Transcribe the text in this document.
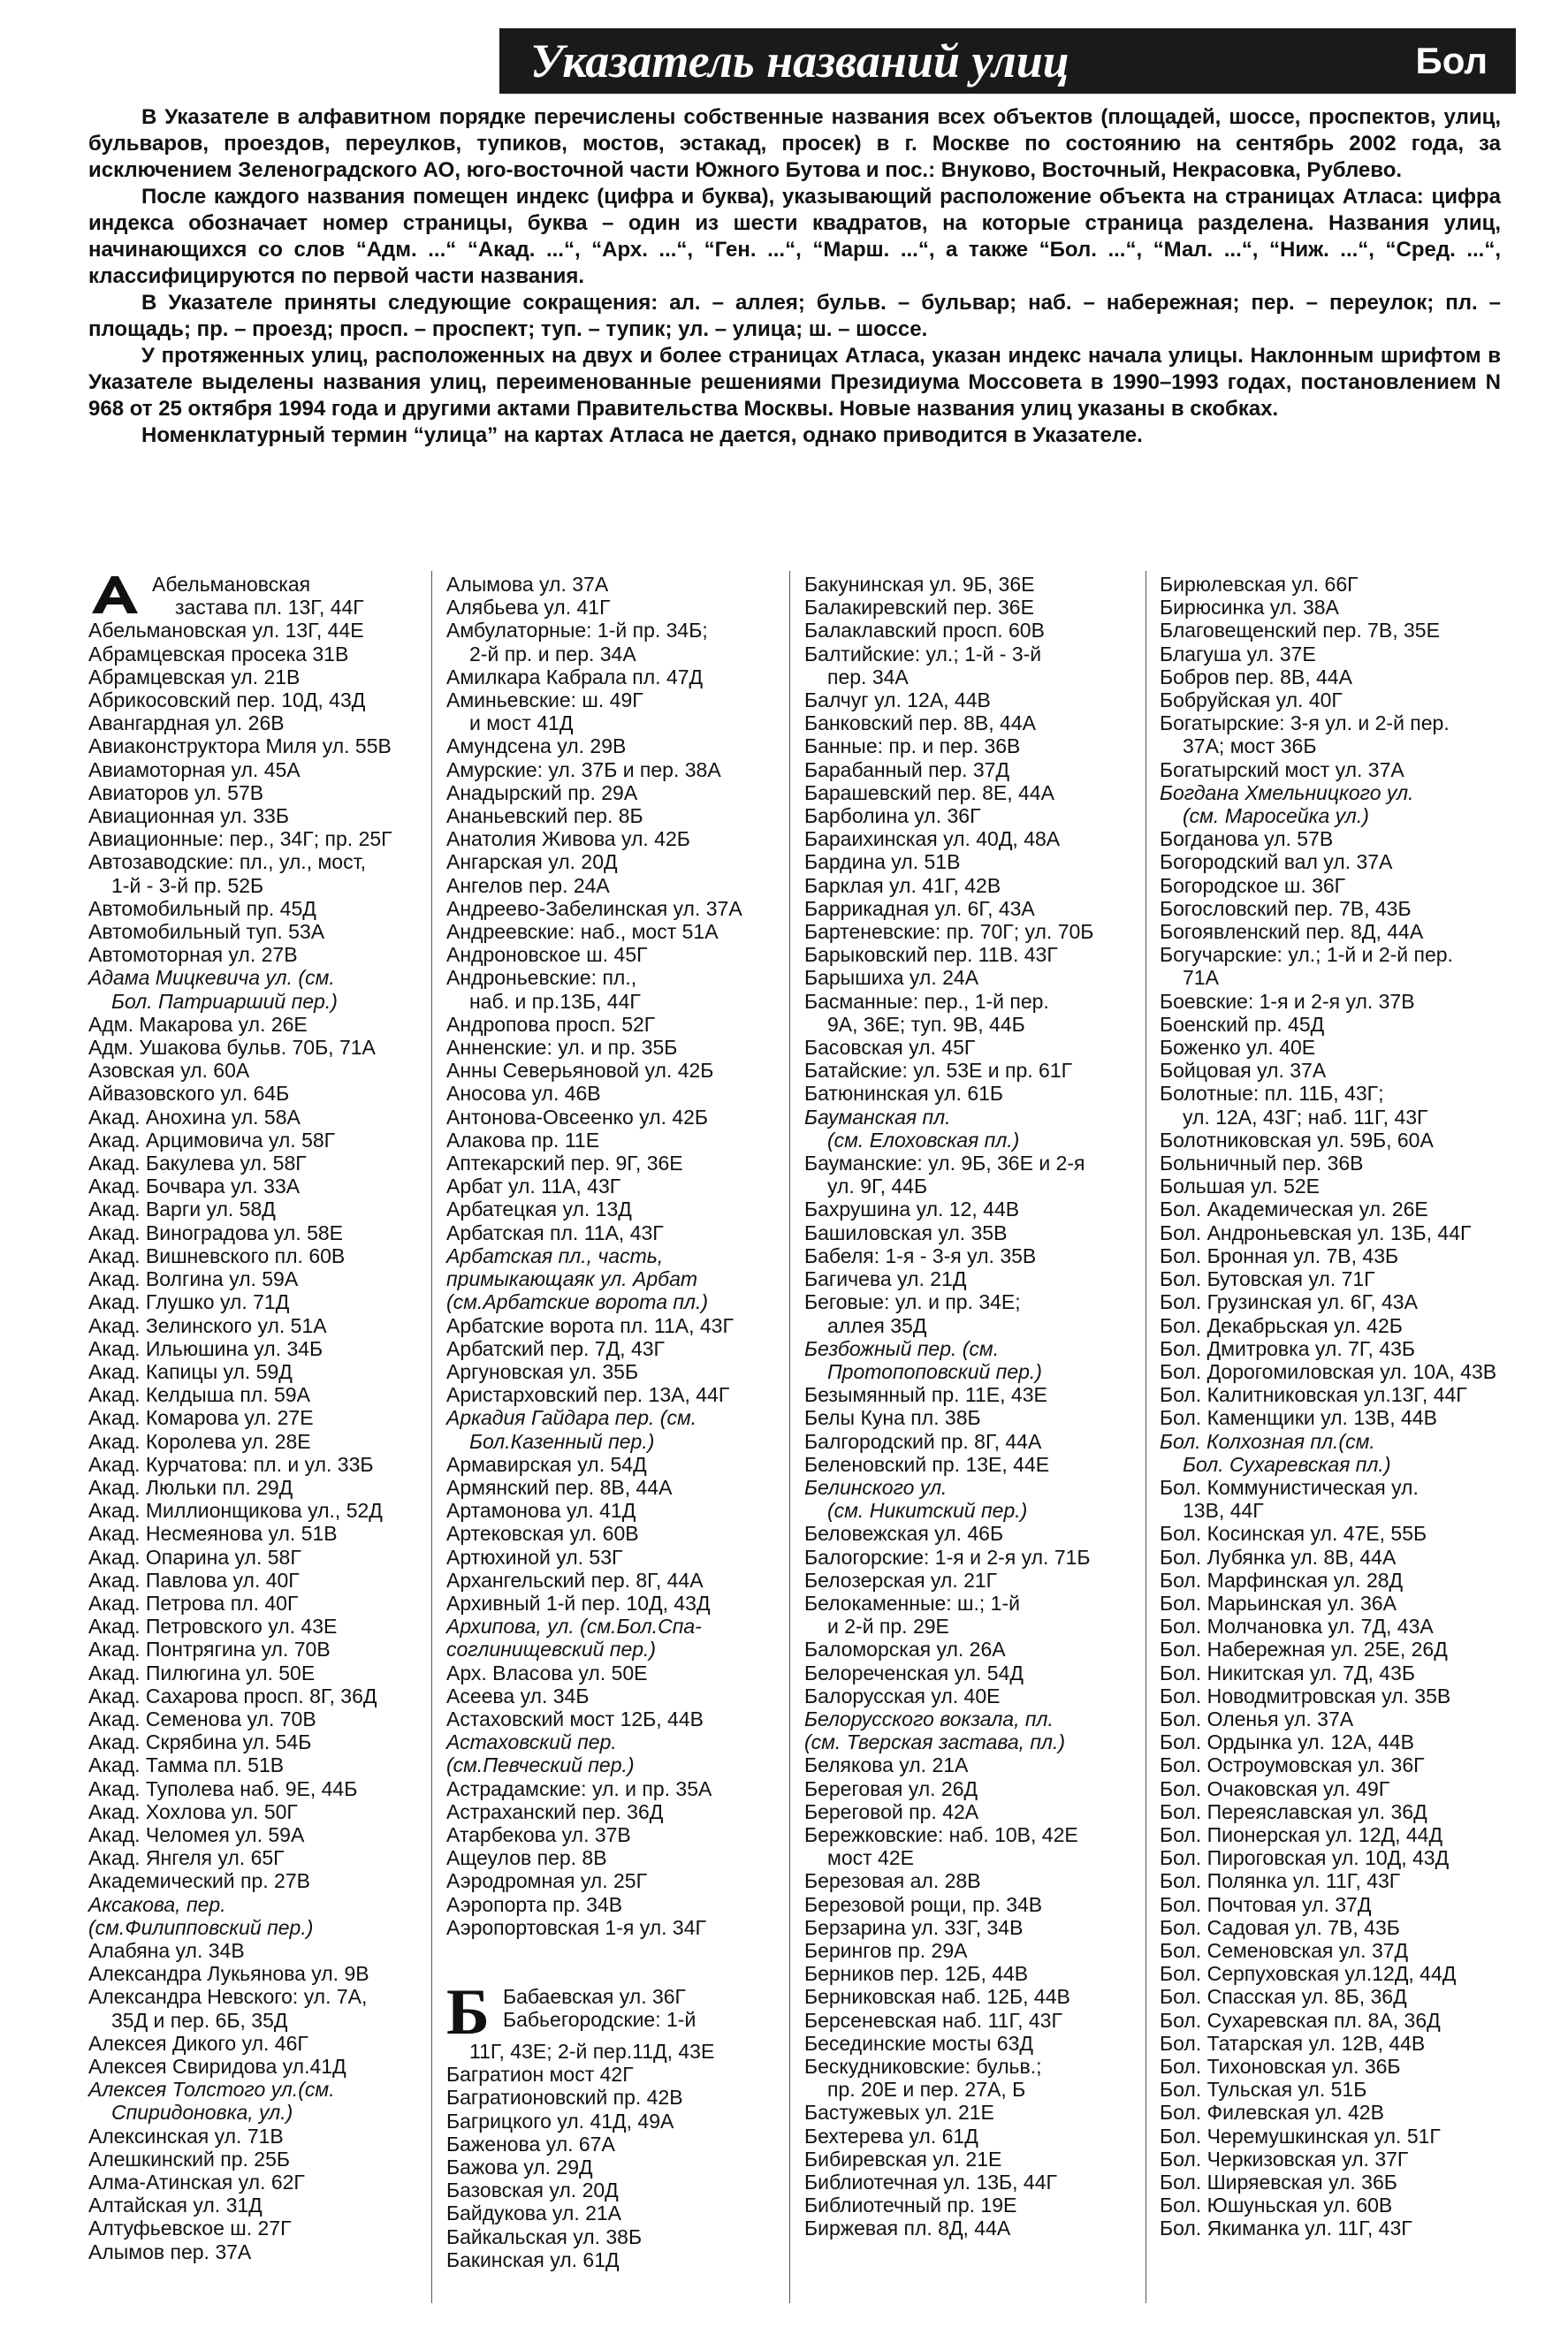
Указатель названий улиц	Бол

В Указателе в алфавитном порядке перечислены собственные названия всех объектов (площадей, шоссе, проспектов, улиц, бульваров, проездов, переулков, тупиков, мостов, эстакад, просек) в г. Москве по состоянию на сентябрь 2002 года, за исключением Зеленоградского АО, юго-восточной части Южного Бутова и пос.: Внуково, Восточный, Некрасовка, Рублево.

После каждого названия помещен индекс (цифра и буква), указывающий расположение объекта на страницах Атласа: цифра индекса обозначает номер страницы, буква – один из шести квадратов, на которые страница разделена. Названия улиц, начинающихся со слов “Адм. ...“ “Акад. ...“, “Арх. ...“, “Ген. ...“, “Марш. ...“, а также “Бол. ...“, “Мал. ...“, “Ниж. ...“, “Сред. ...“, классифицируются по первой части названия.

В Указателе приняты следующие сокращения: ал. – аллея; бульв. – бульвар; наб. – набережная; пер. – переулок; пл. – площадь; пр. – проезд; просп. – проспект; туп. – тупик; ул. – улица; ш. – шоссе.

У протяженных улиц, расположенных на двух и более страницах Атласа, указан индекс начала улицы. Наклонным шрифтом в Указателе выделены названия улиц, переименованные решениями Президиума Моссовета в 1990–1993 годах, постановлением N 968 от 25 октября 1994 года и другими актами Правительства Москвы. Новые названия улиц указаны в скобках.

Номенклатурный термин “улица” на картах Атласа не дается, однако приводится в Указателе.

Абельмановская
застава пл. 13Г, 44Г
Абельмановская ул. 13Г, 44Е
Абрамцевская просека 31В
Абрамцевская ул. 21В
Абрикосовский пер. 10Д, 43Д
Авангардная ул. 26В
Авиаконструктора Миля ул. 55В
Авиамоторная ул. 45А
Авиаторов ул. 57В
Авиационная ул. 33Б
Авиационные: пер., 34Г; пр. 25Г
Автозаводские: пл., ул., мост,
1-й - 3-й пр. 52Б
Автомобильный пр. 45Д
Автомобильный туп. 53А
Автомоторная ул. 27В
Адама Мицкевича ул. (см.
Бол. Патриарший пер.)
Адм. Макарова ул. 26Е
Адм. Ушакова бульв. 70Б, 71А
Азовская ул. 60А
Айвазовского ул. 64Б
Акад. Анохина ул. 58А
Акад. Арцимовича ул. 58Г
Акад. Бакулева ул. 58Г
Акад. Бочвара ул. 33А
Акад. Варги ул. 58Д
Акад. Виноградова ул. 58Е
Акад. Вишневского пл. 60В
Акад. Волгина ул. 59А
Акад. Глушко ул. 71Д
Акад. Зелинского ул. 51А
Акад. Ильюшина ул. 34Б
Акад. Капицы ул. 59Д
Акад. Келдыша пл. 59А
Акад. Комарова ул. 27Е
Акад. Королева ул. 28Е
Акад. Курчатова: пл. и ул. 33Б
Акад. Люльки пл. 29Д
Акад. Миллионщикова ул., 52Д
Акад. Несмеянова ул. 51В
Акад. Опарина ул. 58Г
Акад. Павлова ул. 40Г
Акад. Петрова пл. 40Г
Акад. Петровского ул. 43Е
Акад. Понтрягина ул. 70В
Акад. Пилюгина ул. 50Е
Акад. Сахарова просп. 8Г, 36Д
Акад. Семенова ул. 70В
Акад. Скрябина ул. 54Б
Акад. Тамма пл. 51В
Акад. Туполева наб. 9Е, 44Б
Акад. Хохлова ул. 50Г
Акад. Челомея ул. 59А
Акад. Янгеля ул. 65Г
Академический пр. 27В
Аксакова, пер.
(см.Филипповский пер.)
Алабяна ул. 34В
Александра Лукьянова ул. 9В
Александра Невского: ул. 7А,
35Д и пер. 6Б, 35Д
Алексея Дикого ул. 46Г
Алексея Свиридова ул.41Д
Алексея Толстого ул.(см.
Спиридоновка, ул.)
Алексинская ул. 71В
Алешкинский пр. 25Б
Алма-Атинская ул. 62Г
Алтайская ул. 31Д
Алтуфьевское ш. 27Г
Алымов пер. 37А
Алымова ул. 37А
Алябьева ул. 41Г
Амбулаторные: 1-й пр. 34Б;
2-й пр. и пер. 34А
Амилкара Кабрала пл. 47Д
Аминьевские: ш. 49Г
и мост 41Д
Амундсена ул. 29В
Амурские: ул. 37Б и пер. 38А
Анадырский пр. 29А
Ананьевский пер. 8Б
Анатолия Живова ул. 42Б
Ангарская ул. 20Д
Ангелов пер. 24А
Андреево-Забелинская ул. 37А
Андреевские: наб., мост 51А
Андроновское ш. 45Г
Андроньевские: пл.,
наб. и пр.13Б, 44Г
Андропова просп. 52Г
Анненские: ул. и пр. 35Б
Анны Северьяновой ул. 42Б
Аносова ул. 46В
Антонова-Овсеенко ул. 42Б
Алакова пр. 11Е
Аптекарский пер. 9Г, 36Е
Арбат ул. 11А, 43Г
Арбатецкая ул. 13Д
Арбатская пл. 11А, 43Г
Арбатская пл., часть,
примыкающаяк ул. Арбат
(см.Арбатские ворота пл.)
Арбатские ворота пл. 11А, 43Г
Арбатский пер. 7Д, 43Г
Аргуновская ул. 35Б
Аристарховский пер. 13А, 44Г
Аркадия Гайдара пер. (см.
Бол.Казенный пер.)
Армавирская ул. 54Д
Армянский пер. 8В, 44А
Артамонова ул. 41Д
Артековская ул. 60В
Артюхиной ул. 53Г
Архангельский пер. 8Г, 44А
Архивный 1-й пер. 10Д, 43Д
Архипова, ул. (см.Бол.Спа-
соглинищевский пер.)
Арх. Власова ул. 50Е
Асеева ул. 34Б
Астаховский мост 12Б, 44В
Астаховский пер.
(см.Певческий пер.)
Астрадамские: ул. и пр. 35А
Астраханский пер. 36Д
Атарбекова ул. 37В
Ащеулов пер. 8В
Аэродромная ул. 25Г
Аэропорта пр. 34В
Аэропортовская 1-я ул. 34Г
Б Бабаевская ул. 36Г
Бабьегородские: 1-й
11Г, 43Е; 2-й пер.11Д, 43Е
Багратион мост 42Г
Багратионовский пр. 42В
Багрицкого ул. 41Д, 49А
Баженова ул. 67А
Бажова ул. 29Д
Базовская ул. 20Д
Байдукова ул. 21А
Байкальская ул. 38Б
Бакинская ул. 61Д
Бакунинская ул. 9Б, 36Е
Балакиревский пер. 36Е
Балаклавский просп. 60В
Балтийские: ул.; 1-й - 3-й
пер. 34А
Балчуг ул. 12А, 44В
Банковский пер. 8В, 44А
Банные: пр. и пер. 36В
Барабанный пер. 37Д
Барашевский пер. 8Е, 44А
Барболина ул. 36Г
Бараихинская ул. 40Д, 48А
Бардина ул. 51В
Барклая ул. 41Г, 42В
Баррикадная ул. 6Г, 43А
Бартеневские: пр. 70Г; ул. 70Б
Барыковский пер. 11В. 43Г
Барышиха ул. 24А
Басманные: пер., 1-й пер.
9А, 36Е; туп. 9В, 44Б
Басовская ул. 45Г
Батайские: ул. 53Е и пр. 61Г
Батюнинская ул. 61Б
Бауманская пл.
(см. Елоховская пл.)
Бауманские: ул. 9Б, 36Е и 2-я
ул. 9Г, 44Б
Бахрушина ул. 12, 44В
Башиловская ул. 35В
Бабеля: 1-я - 3-я ул. 35В
Багичева ул. 21Д
Беговые: ул. и пр. 34Е;
аллея 35Д
Безбожный пер. (см.
Протопоповский пер.)
Безымянный пр. 11Е, 43Е
Белы Куна пл. 38Б
Балгородский пр. 8Г, 44А
Беленовский пр. 13Е, 44Е
Белинского ул.
(см. Никитский пер.)
Беловежская ул. 46Б
Балогорские: 1-я и 2-я ул. 71Б
Белозерская ул. 21Г
Белокаменные: ш.; 1-й
и 2-й пр. 29Е
Баломорская ул. 26А
Белореченская ул. 54Д
Балорусская ул. 40Е
Белорусского вокзала, пл.
(см. Тверская застава, пл.)
Белякова ул. 21А
Береговая ул. 26Д
Береговой пр. 42А
Бережковские: наб. 10В, 42Е
мост 42Е
Березовая ал. 28В
Березовой рощи, пр. 34В
Берзарина ул. 33Г, 34В
Берингов пр. 29А
Берников пер. 12Б, 44В
Берниковская наб. 12Б, 44В
Берсеневская наб. 11Г, 43Г
Бесединские мосты 63Д
Бескудниковские: бульв.;
пр. 20Е и пер. 27А, Б
Бастужевых ул. 21Е
Бехтерева ул. 61Д
Бибиревская ул. 21Е
Библиотечная ул. 13Б, 44Г
Библиотечный пр. 19Е
Биржевая пл. 8Д, 44А
Бирюлевская ул. 66Г
Бирюсинка ул. 38А
Благовещенский пер. 7В, 35Е
Благуша ул. 37Е
Бобров пер. 8В, 44А
Бобруйская ул. 40Г
Богатырские: 3-я ул. и 2-й пер.
37А; мост 36Б
Богатырский мост ул. 37А
Богдана Хмельницкого ул.
(см. Маросейка ул.)
Богданова ул. 57В
Богородский вал ул. 37А
Богородское ш. 36Г
Богословский пер. 7В, 43Б
Богоявленский пер. 8Д, 44А
Богучарские: ул.; 1-й и 2-й пер.
71А
Боевские: 1-я и 2-я ул. 37В
Боенский пр. 45Д
Боженко ул. 40Е
Бойцовая ул. 37А
Болотные: пл. 11Б, 43Г;
ул. 12А, 43Г; наб. 11Г, 43Г
Болотниковская ул. 59Б, 60А
Больничный пер. 36В
Большая ул. 52Е
Бол. Академическая ул. 26Е
Бол. Андроньевская ул. 13Б, 44Г
Бол. Бронная ул. 7В, 43Б
Бол. Бутовская ул. 71Г
Бол. Грузинская ул. 6Г, 43А
Бол. Декабрьская ул. 42Б
Бол. Дмитровка ул. 7Г, 43Б
Бол. Дорогомиловская ул. 10А, 43В
Бол. Калитниковская ул.13Г, 44Г
Бол. Каменщики ул. 13В, 44В
Бол. Колхозная пл.(см.
Бол. Сухаревская пл.)
Бол. Коммунистическая ул.
13В, 44Г
Бол. Косинская ул. 47Е, 55Б
Бол. Лубянка ул. 8В, 44А
Бол. Марфинская ул. 28Д
Бол. Марьинская ул. 36А
Бол. Молчановка ул. 7Д, 43А
Бол. Набережная ул. 25Е, 26Д
Бол. Никитская ул. 7Д, 43Б
Бол. Новодмитровская ул. 35В
Бол. Оленья ул. 37А
Бол. Ордынка ул. 12А, 44В
Бол. Остроумовская ул. 36Г
Бол. Очаковская ул. 49Г
Бол. Переяславская ул. 36Д
Бол. Пионерская ул. 12Д, 44Д
Бол. Пироговская ул. 10Д, 43Д
Бол. Полянка ул. 11Г, 43Г
Бол. Почтовая ул. 37Д
Бол. Садовая ул. 7В, 43Б
Бол. Семеновская ул. 37Д
Бол. Серпуховская ул.12Д, 44Д
Бол. Спасская ул. 8Б, 36Д
Бол. Сухаревская пл. 8А, 36Д
Бол. Татарская ул. 12В, 44В
Бол. Тихоновская ул. 36Б
Бол. Тульская ул. 51Б
Бол. Филевская ул. 42В
Бол. Черемушкинская ул. 51Г
Бол. Черкизовская ул. 37Г
Бол. Ширяевская ул. 36Б
Бол. Юшуньская ул. 60В
Бол. Якиманка ул. 11Г, 43Г
